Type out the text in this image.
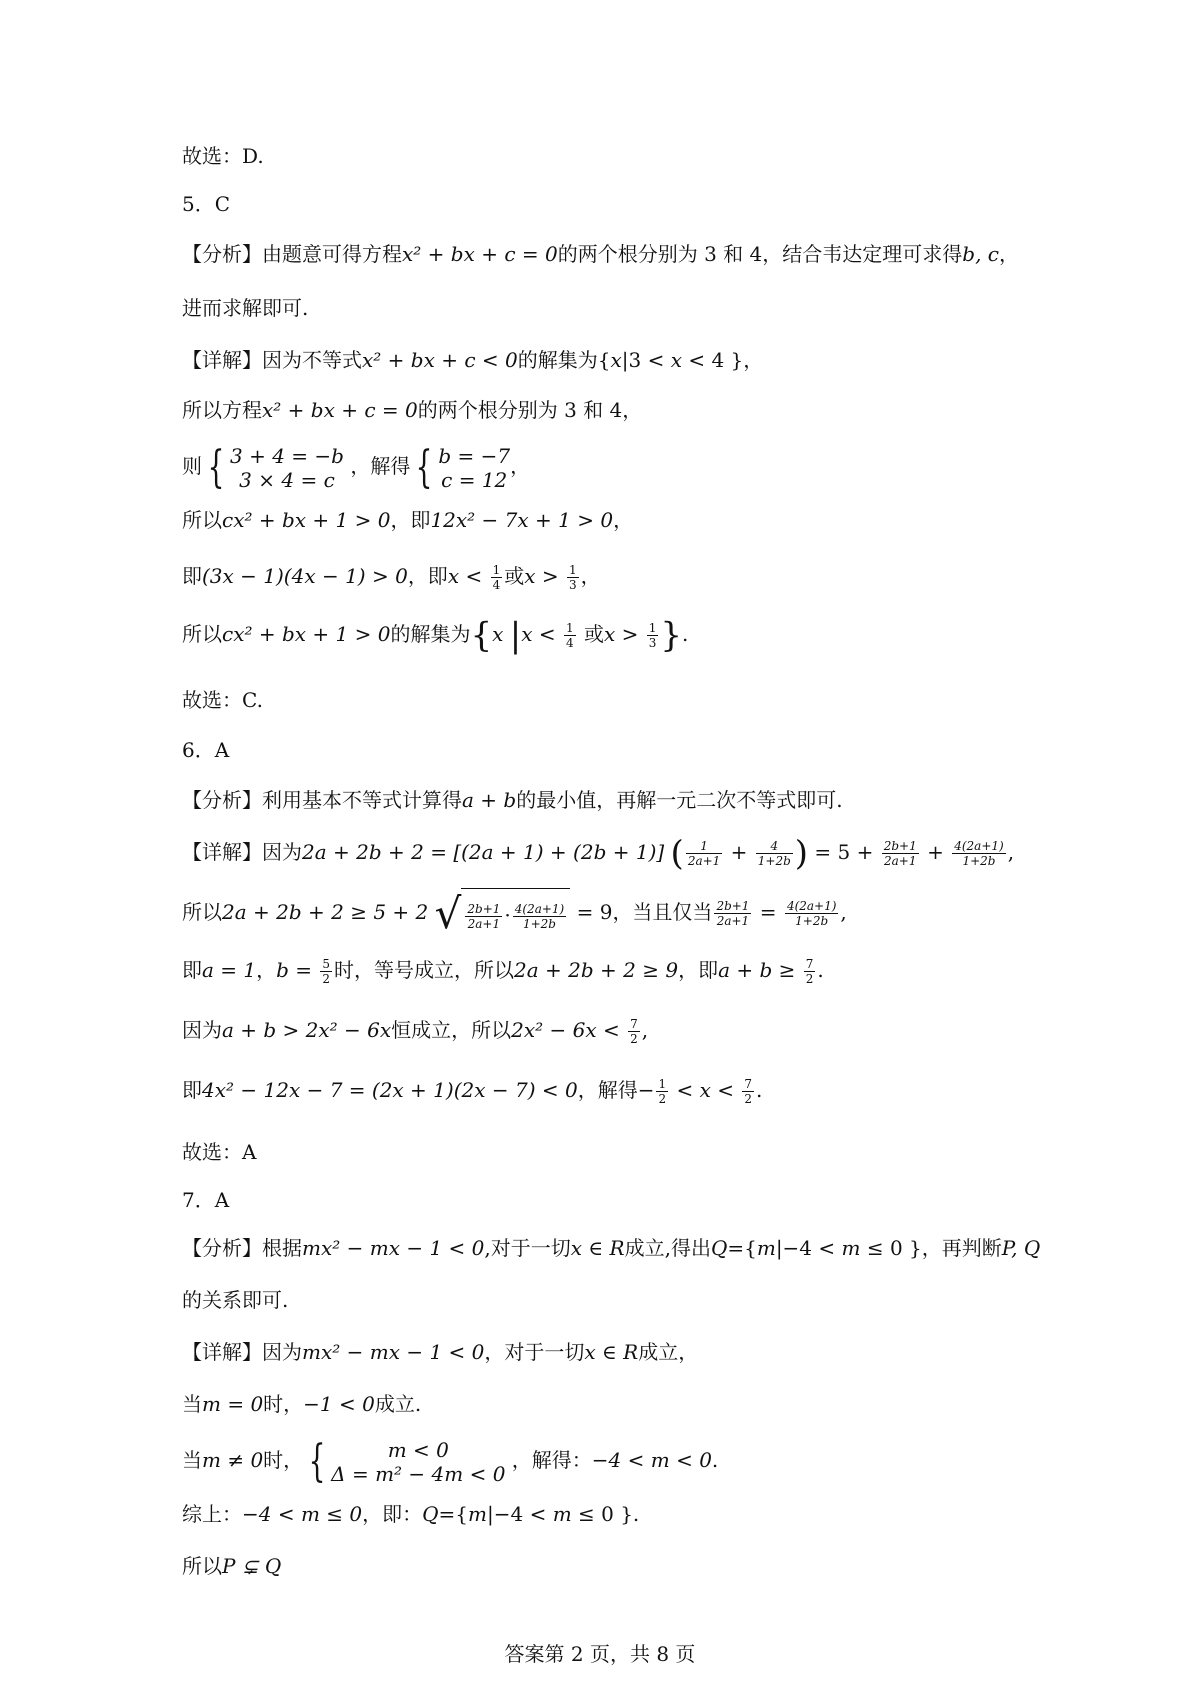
故选：D.
5．C
【分析】由题意可得方程x² + bx + c = 0的两个根分别为 3 和 4，结合韦达定理可求得b, c，
进而求解即可.
【详解】因为不等式x² + bx + c < 0的解集为{x|3 < x < 4 }，
所以方程x² + bx + c = 0的两个根分别为 3 和 4，
则 { 3 + 4 = −b
3 × 4 = c
，解得 { b = −7
c = 12
，
所以cx² + bx + 1 > 0，即12x² − 7x + 1 > 0，
即(3x − 1)(4x − 1) > 0，即$x < \frac{1}{4}$ 或$x > \frac{1}{3}$ ，
所以cx² + bx + 1 > 0的解集为{x $|x < \frac{1}{4}$ 或$x > \frac{1}{3}$ }.
故选：C.
6．A
【分析】利用基本不等式计算得a + b的最小值，再解一元二次不等式即可.
【详解】因为2a + 2b + 2 = [(2a + 1) + (2b + 1)] ( $\frac{1}{2a+1} + \frac{4}{1+2b}$ ) = $5 + \frac{2b+1}{2a+1} + \frac{4(2a+1)}{1+2b}$ ,
所以2a + 2b + 2 ≥ 5 + 2 √ $\frac{2b+1}{2a+1} \cdot \frac{4(2a+1)}{1+2b} = 9$，当且仅当 $\frac{2b+1}{2a+1} = \frac{4(2a+1)}{1+2b}$ ,
即a = 1，$b = \frac{5}{2}$ 时，等号成立，所以2a + 2b + 2 ≥ 9，即$a + b \ge \frac{7}{2}$ .
因为a + b > 2x² − 6x恒成立，所以$2x^2 - 6x < \frac{7}{2}$ ,
即4x² − 12x − 7 = (2x + 1)(2x − 7) < 0，解得− $\frac{1}{2} < x < \frac{7}{2}$ .
故选：A
7．A
【分析】根据mx² − mx − 1 < 0,对于一切x ∈ R成立,得出Q={m|−4 < m ≤ 0 }，再判断P, Q
的关系即可.
【详解】因为mx² − mx − 1 < 0，对于一切x ∈ R成立，
当m = 0时，−1 < 0成立.
当m ≠ 0时， {	m < 0
Δ = m² − 4m < 0
，解得：−4 < m < 0.
综上：−4 < m ≤ 0，即：Q={m|−4 < m ≤ 0 }.
所以P ⊊ Q
答案第 2 页，共 8 页
